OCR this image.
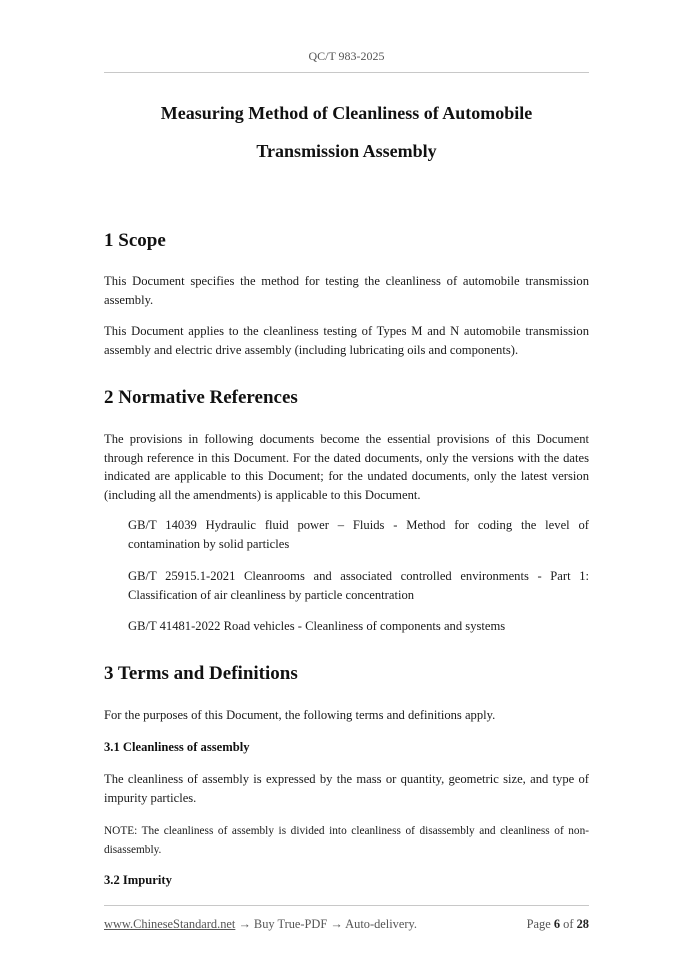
QC/T 983-2025
Measuring Method of Cleanliness of Automobile
Transmission Assembly
1 Scope
This Document specifies the method for testing the cleanliness of automobile transmission assembly.
This Document applies to the cleanliness testing of Types M and N automobile transmission assembly and electric drive assembly (including lubricating oils and components).
2 Normative References
The provisions in following documents become the essential provisions of this Document through reference in this Document. For the dated documents, only the versions with the dates indicated are applicable to this Document; for the undated documents, only the latest version (including all the amendments) is applicable to this Document.
GB/T 14039 Hydraulic fluid power – Fluids - Method for coding the level of contamination by solid particles
GB/T 25915.1-2021 Cleanrooms and associated controlled environments - Part 1: Classification of air cleanliness by particle concentration
GB/T 41481-2022 Road vehicles - Cleanliness of components and systems
3 Terms and Definitions
For the purposes of this Document, the following terms and definitions apply.
3.1 Cleanliness of assembly
The cleanliness of assembly is expressed by the mass or quantity, geometric size, and type of impurity particles.
NOTE: The cleanliness of assembly is divided into cleanliness of disassembly and cleanliness of non-disassembly.
3.2 Impurity
www.ChineseStandard.net → Buy True-PDF → Auto-delivery.	Page 6 of 28
